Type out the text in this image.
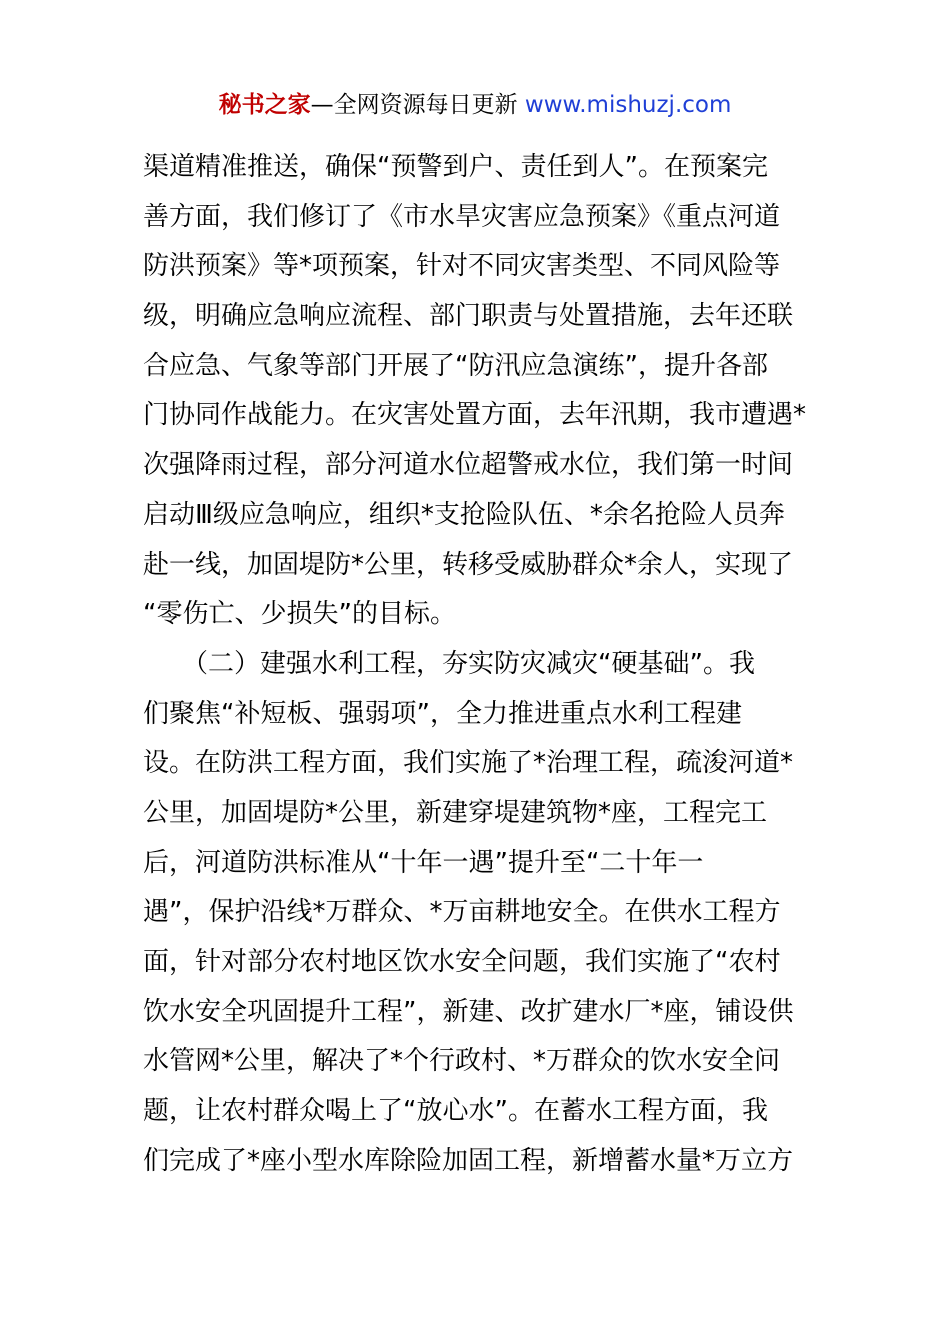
秘书之家—全网资源每日更新 www.mishuzj.com
渠道精准推送，确保“预警到户、责任到人”。在预案完
善方面，我们修订了《市水旱灾害应急预案》《重点河道
防洪预案》等*项预案，针对不同灾害类型、不同风险等
级，明确应急响应流程、部门职责与处置措施，去年还联
合应急、气象等部门开展了“防汛应急演练”，提升各部
门协同作战能力。在灾害处置方面，去年汛期，我市遭遇*
次强降雨过程，部分河道水位超警戒水位，我们第一时间
启动Ⅲ级应急响应，组织*支抢险队伍、*余名抢险人员奔
赴一线，加固堤防*公里，转移受威胁群众*余人，实现了
“零伤亡、少损失”的目标。
　　（二）建强水利工程，夯实防灾减灾“硬基础”。我
们聚焦“补短板、强弱项”，全力推进重点水利工程建
设。在防洪工程方面，我们实施了*治理工程，疏浚河道*
公里，加固堤防*公里，新建穿堤建筑物*座，工程完工
后，河道防洪标准从“十年一遇”提升至“二十年一
遇”，保护沿线*万群众、*万亩耕地安全。在供水工程方
面，针对部分农村地区饮水安全问题，我们实施了“农村
饮水安全巩固提升工程”，新建、改扩建水厂*座，铺设供
水管网*公里，解决了*个行政村、*万群众的饮水安全问
题，让农村群众喝上了“放心水”。在蓄水工程方面，我
们完成了*座小型水库除险加固工程，新增蓄水量*万立方
